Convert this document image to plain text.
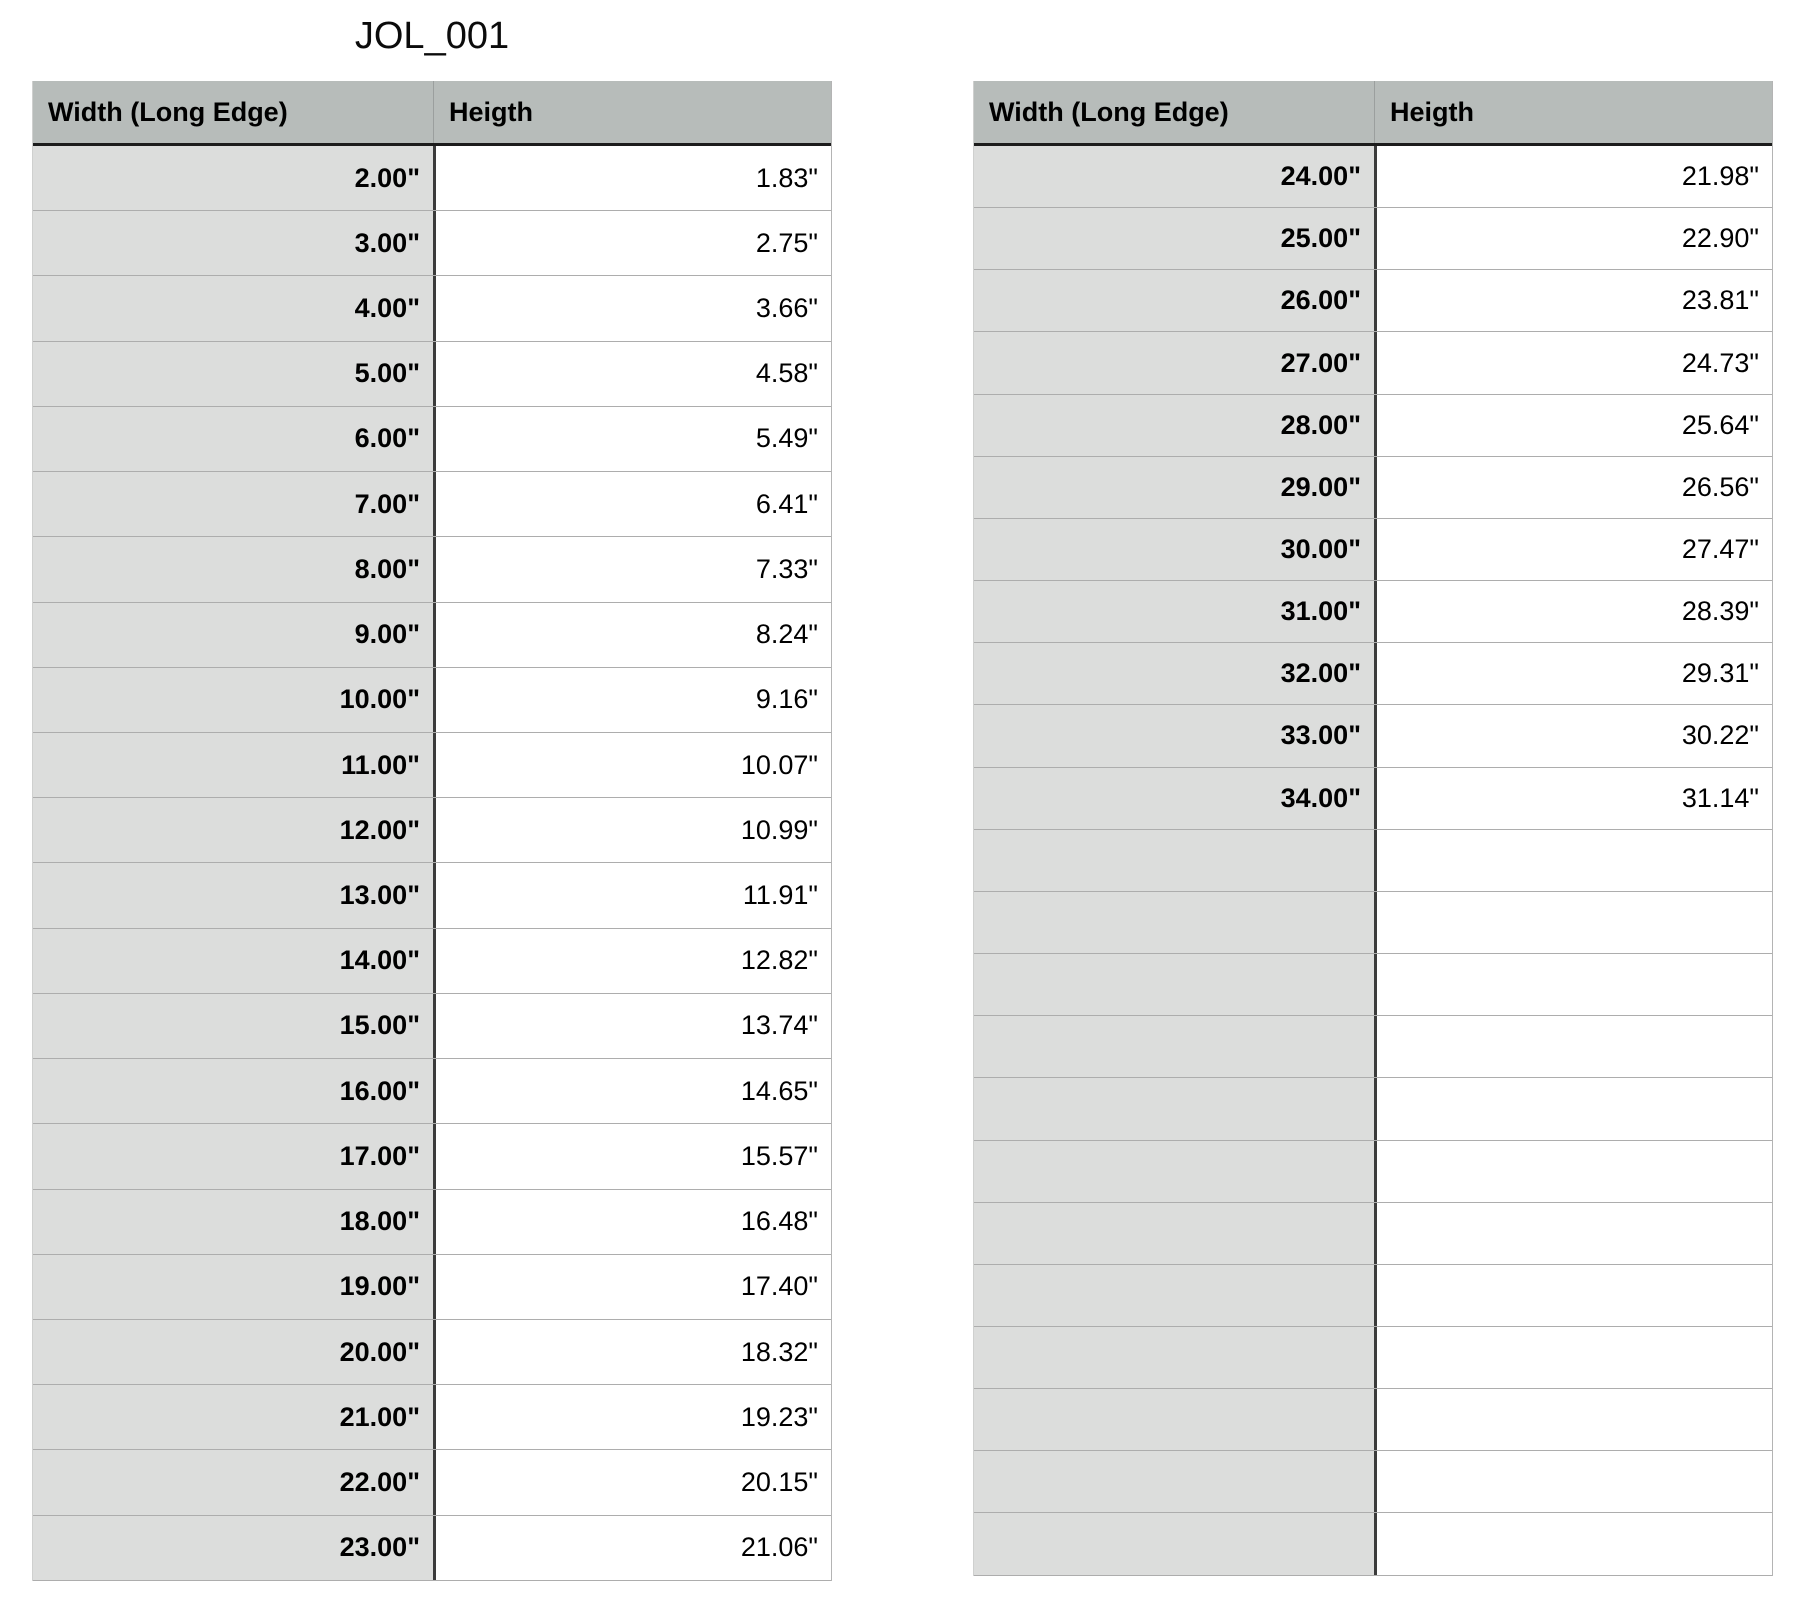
JOL_001
Width (Long Edge)	Heigth
2.00"	1.83"
3.00"	2.75"
4.00"	3.66"
5.00"	4.58"
6.00"	5.49"
7.00"	6.41"
8.00"	7.33"
9.00"	8.24"
10.00"	9.16"
11.00"	10.07"
12.00"	10.99"
13.00"	11.91"
14.00"	12.82"
15.00"	13.74"
16.00"	14.65"
17.00"	15.57"
18.00"	16.48"
19.00"	17.40"
20.00"	18.32"
21.00"	19.23"
22.00"	20.15"
23.00"	21.06"
Width (Long Edge)	Heigth
24.00"	21.98"
25.00"	22.90"
26.00"	23.81"
27.00"	24.73"
28.00"	25.64"
29.00"	26.56"
30.00"	27.47"
31.00"	28.39"
32.00"	29.31"
33.00"	30.22"
34.00"	31.14"
